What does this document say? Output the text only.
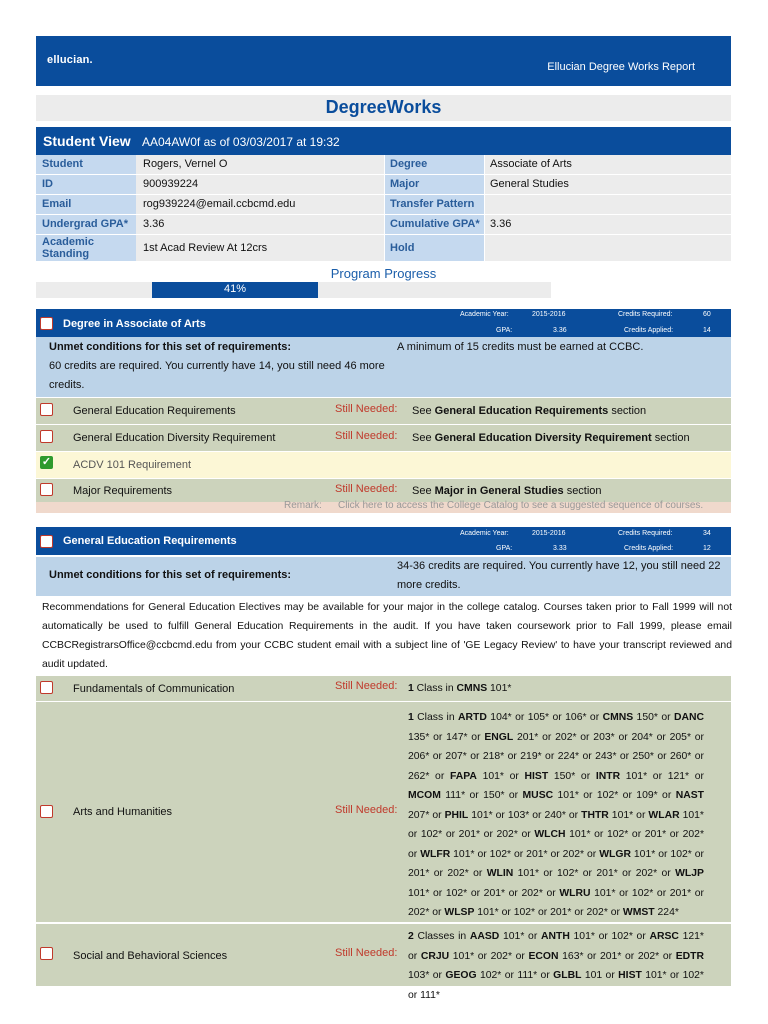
ellucian.
Ellucian Degree Works Report
DegreeWorks
Student View AA04AW0f as of 03/03/2017 at 19:32
Student	Rogers, Vernel O	Degree	Associate of Arts
ID	900939224	Major	General Studies
Email	rog939224@email.ccbcmd.edu	Transfer Pattern
Undergrad GPA*	3.36	Cumulative GPA* 3.36
Academic Standing	1st Acad Review At 12crs	Hold
Program Progress
41%
Degree in Associate of Arts
Academic Year:	2015-2016
GPA:	3.36
Credits Required:	60
Credits Applied:	14
Unmet conditions for this set of requirements:
60 credits are required. You currently have 14, you still need 46 more
credits.
A minimum of 15 credits must be earned at CCBC.
General Education Requirements	Still Needed: See General Education Requirements section
General Education Diversity Requirement	Still Needed: See General Education Diversity Requirement section
✓ ACDV 101 Requirement
Major Requirements	Still Needed: See Major in General Studies section
Remark: Click here to access the College Catalog to see a suggested sequence of courses.
General Education Requirements
Academic Year:	2015-2016
GPA:	3.33
Credits Required:	34
Credits Applied:	12
Unmet conditions for this set of requirements:
34-36 credits are required. You currently have 12, you still need 22
more credits.
Recommendations for General Education Electives may be available for your major in the college catalog. Courses taken prior to Fall 1999 will not automatically be used to fulfill General Education Requirements in the audit. If you have taken coursework prior to Fall 1999, please email CCBCRegistrarsOffice@ccbcmd.edu from your CCBC student email with a subject line of 'GE Legacy Review' to have your transcript reviewed and audit updated.
Fundamentals of Communication	Still Needed: 1 Class in CMNS 101*
Arts and Humanities	Still Needed:
1 Class in ARTD 104* or 105* or 106* or CMNS 150* or DANC 135* or 147* or ENGL 201* or 202* or 203* or 204* or 205* or 206* or 207* or 218* or 219* or 224* or 243* or 250* or 260* or 262* or FAPA 101* or HIST 150* or INTR 101* or 121* or MCOM 111* or 150* or MUSC 101* or 102* or 109* or NAST 207* or PHIL 101* or 103* or 240* or THTR 101* or WLAR 101* or 102* or 201* or 202* or WLCH 101* or 102* or 201* or 202* or WLFR 101* or 102* or 201* or 202* or WLGR 101* or 102* or 201* or 202* or WLIN 101* or 102* or 201* or 202* or WLJP 101* or 102* or 201* or 202* or WLRU 101* or 102* or 201* or 202* or WLSP 101* or 102* or 201* or 202* or WMST 224*
Social and Behavioral Sciences	Still Needed:
2 Classes in AASD 101* or ANTH 101* or 102* or ARSC 121* or CRJU 101* or 202* or ECON 163* or 201* or 202* or EDTR 103* or GEOG 102* or 111* or GLBL 101 or HIST 101* or 102* or 111*
